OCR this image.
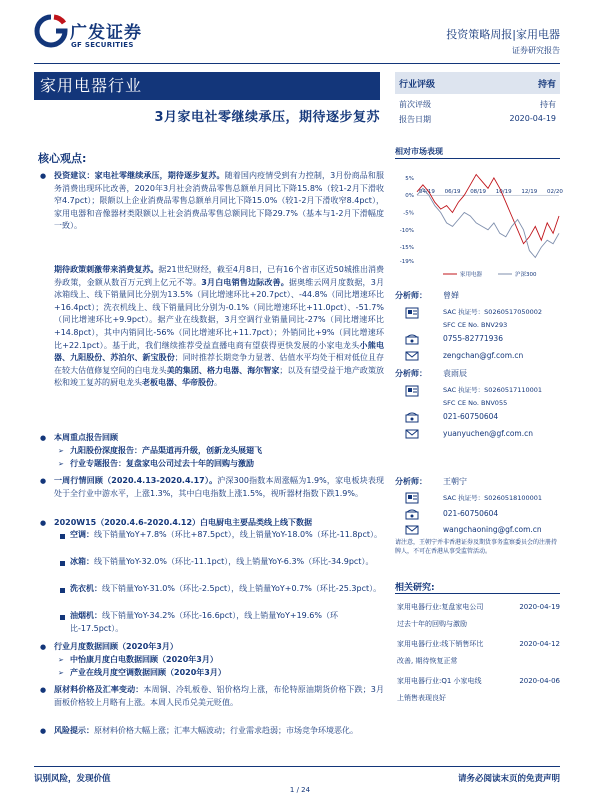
广发证券
GF SECURITIES
投资策略周报|家用电器
证券研究报告
家用电器行业
3月家电社零继续承压，期待逐步复苏
行业评级	持有
前次评级	持有
报告日期	2020-04-19
相对市场表现
5%
0%
-5%
-10%
-15%
-19%
04/19 06/19 08/19 10/19 12/19 02/20
家用电器	沪深300
分析师： 曾婵
SAC 执证号：S0260517050002
SFC CE No. BNV293
0755-82771936
zengchan@gf.com.cn
分析师： 袁雨辰
SAC 执证号：S0260517110001
SFC CE No. BNV055
021-60750604
yuanyuchen@gf.com.cn
分析师： 王朝宁
SAC 执证号：S0260518100001
021-60750604
wangchaoning@gf.com.cn
请注意，王朝宁并非香港证券及期货事务监察委员会的注册持牌人，不可在香港从事受监管活动。
相关研究:
家用电器行业:复盘家电公司	2020-04-19
过去十年的回购与激励
家用电器行业:线下销售环比	2020-04-12
改善, 期待恢复正常
家用电器行业:Q1 小家电线	2020-04-06
上销售表现良好
核心观点:
● 投资建议：家电社零继续承压，期待逐步复苏。随着国内疫情受到有力控制，3月份商品和服务消费出现环比改善，2020年3月社会消费品零售总额单月同比下降15.8%（较1-2月下滑收窄4.7pct）；限额以上企业消费品零售总额单月同比下降15.0%（较1-2月下滑收窄8.4pct），家用电器和音像器材类限额以上社会消费品零售总额同比下降29.7%（基本与1-2月下滑幅度一致）。
期待政策刺激带来消费复苏。据21世纪财经，截至4月8日，已有16个省市区近50城推出消费券政策，金额从数百万元到上亿元不等。3月白电销售边际改善。据奥维云网月度数据，3月冰箱线上、线下销量同比分别为13.5%（同比增速环比+20.7pct）、-44.8%（同比增速环比+16.4pct）；洗衣机线上、线下销量同比分别为-0.1%（同比增速环比+11.0pct）、-51.7%（同比增速环比+9.9pct）。据产业在线数据，3月空调行业销量同比-27%（同比增速环比+14.8pct），其中内销同比-56%（同比增速环比+11.7pct）；外销同比+9%（同比增速环比+22.1pct）。基于此，我们继续推荐受益直播电商有望获得更快发展的小家电龙头小熊电器、九阳股份、苏泊尔、新宝股份；同时推荐长期竞争力显著、估值水平均处于相对低位且存在较大估值修复空间的白电龙头美的集团、格力电器、海尔智家；以及有望受益于地产政策放松和竣工复苏的厨电龙头老板电器、华帝股份。
● 本周重点报告回顾
➢ 九阳股份深度报告：产品渠道再升级，创新龙头展翅飞
➢ 行业专题报告：复盘家电公司过去十年的回购与激励
● 一周行情回顾（2020.4.13-2020.4.17）。沪深300指数本周涨幅为1.9%，家电板块表现处于全行业中游水平，上涨1.3%，其中白电指数上涨1.5%，视听器材指数下跌1.9%。
● 2020W15（2020.4.6-2020.4.12）白电厨电主要品类线上线下数据
空调：线下销量YoY+7.8%（环比+87.5pct），线上销量YoY-18.0%（环比-11.8pct）。
冰箱：线下销量YoY-32.0%（环比-11.1pct），线上销量YoY-6.3%（环比-34.9pct）。
洗衣机：线下销量YoY-31.0%（环比-2.5pct），线上销量YoY+0.7%（环比-25.3pct）。
油烟机：线下销量YoY-34.2%（环比-16.6pct），线上销量YoY+19.6%（环比-17.5pct）。
● 行业月度数据回顾（2020年3月）
➢ 中怡康月度白电数据回顾（2020年3月）
➢ 产业在线月度空调数据回顾（2020年3月）
● 原材料价格及汇率变动：本周铜、冷轧板卷、铝价格均上涨，布伦特原油期货价格下跌；3月面板价格较上月略有上涨。本周人民币兑美元贬值。
● 风险提示：原材料价格大幅上涨；汇率大幅波动；行业需求趋弱；市场竞争环境恶化。
识别风险，发现价值	请务必阅读末页的免责声明
1 / 24
